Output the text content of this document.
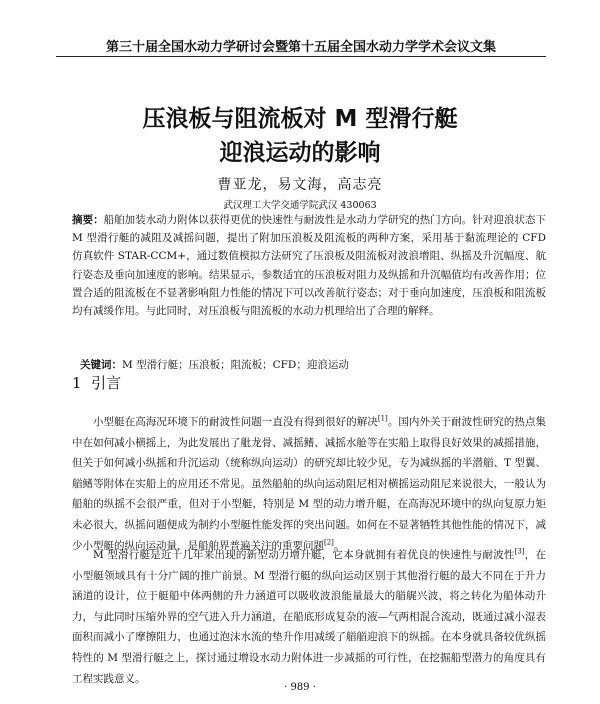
第三十届全国水动力学研讨会暨第十五届全国水动力学学术会议文集
压浪板与阻流板对 M 型滑行艇
迎浪运动的影响
曹亚龙，易文海，高志亮
武汉理工大学交通学院武汉 430063
摘要：船舶加装水动力附体以获得更优的快速性与耐波性是水动力学研究的热门方向。针对迎浪状态下 M 型滑行艇的减阻及减摇问题，提出了附加压浪板及阻流板的两种方案，采用基于黏流理论的 CFD 仿真软件 STAR-CCM+，通过数值模拟方法研究了压浪板及阻流板对波浪增阻、纵摇及升沉幅度、航行姿态及垂向加速度的影响。结果显示，参数适宜的压浪板对阻力及纵摇和升沉幅值均有改善作用；位置合适的阻流板在不显著影响阻力性能的情况下可以改善航行姿态；对于垂向加速度，压浪板和阻流板均有减缓作用。与此同时，对压浪板与阻流板的水动力机理给出了合理的解释。
关键词：M 型滑行艇；压浪板；阻流板；CFD；迎浪运动
1 引言

小型艇在高海况环境下的耐波性问题一直没有得到很好的解决[1]。国内外关于耐波性研究的热点集中在如何减小横摇上，为此发展出了舭龙骨、减摇鳍、减摇水舱等在实船上取得良好效果的减摇措施，但关于如何减小纵摇和升沉运动（统称纵向运动）的研究却比较少见，专为减纵摇的半潜艏、T 型翼、艏鳍等附体在实船上的应用还不常见。虽然船舶的纵向运动阻尼相对横摇运动阻尼来说很大，一般认为船舶的纵摇不会很严重，但对于小型艇，特别是 M 型的动力增升艇，在高海况环境中的纵向复原力矩未必很大，纵摇问题便成为制约小型艇性能发挥的突出问题。如何在不显著牺牲其他性能的情况下，减少小型艇的纵向运动量，是船舶界普遍关注的重要问题[2]。

M 型滑行艇是近十几年来出现的新型动力增升艇，它本身就拥有着优良的快速性与耐波性[3]，在小型艇领域具有十分广阔的推广前景。M 型滑行艇的纵向运动区别于其他滑行艇的最大不同在于升力涵道的设计，位于艇船中体两侧的升力涵道可以吸收波浪能量最大的艏艉兴波，将之转化为船体动升力，与此同时压缩外界的空气进入升力涵道，在船底形成复杂的液—气两相混合流动，既通过减小湿表面积而减小了摩擦阻力，也通过泡沫水流的垫升作用减缓了艏艏迎浪下的纵摇。在本身就具备较优纵摇特性的 M 型滑行艇之上，探讨通过增设水动力附体进一步减摇的可行性，在挖掘船型潜力的角度具有工程实践意义。

· 989 ·
